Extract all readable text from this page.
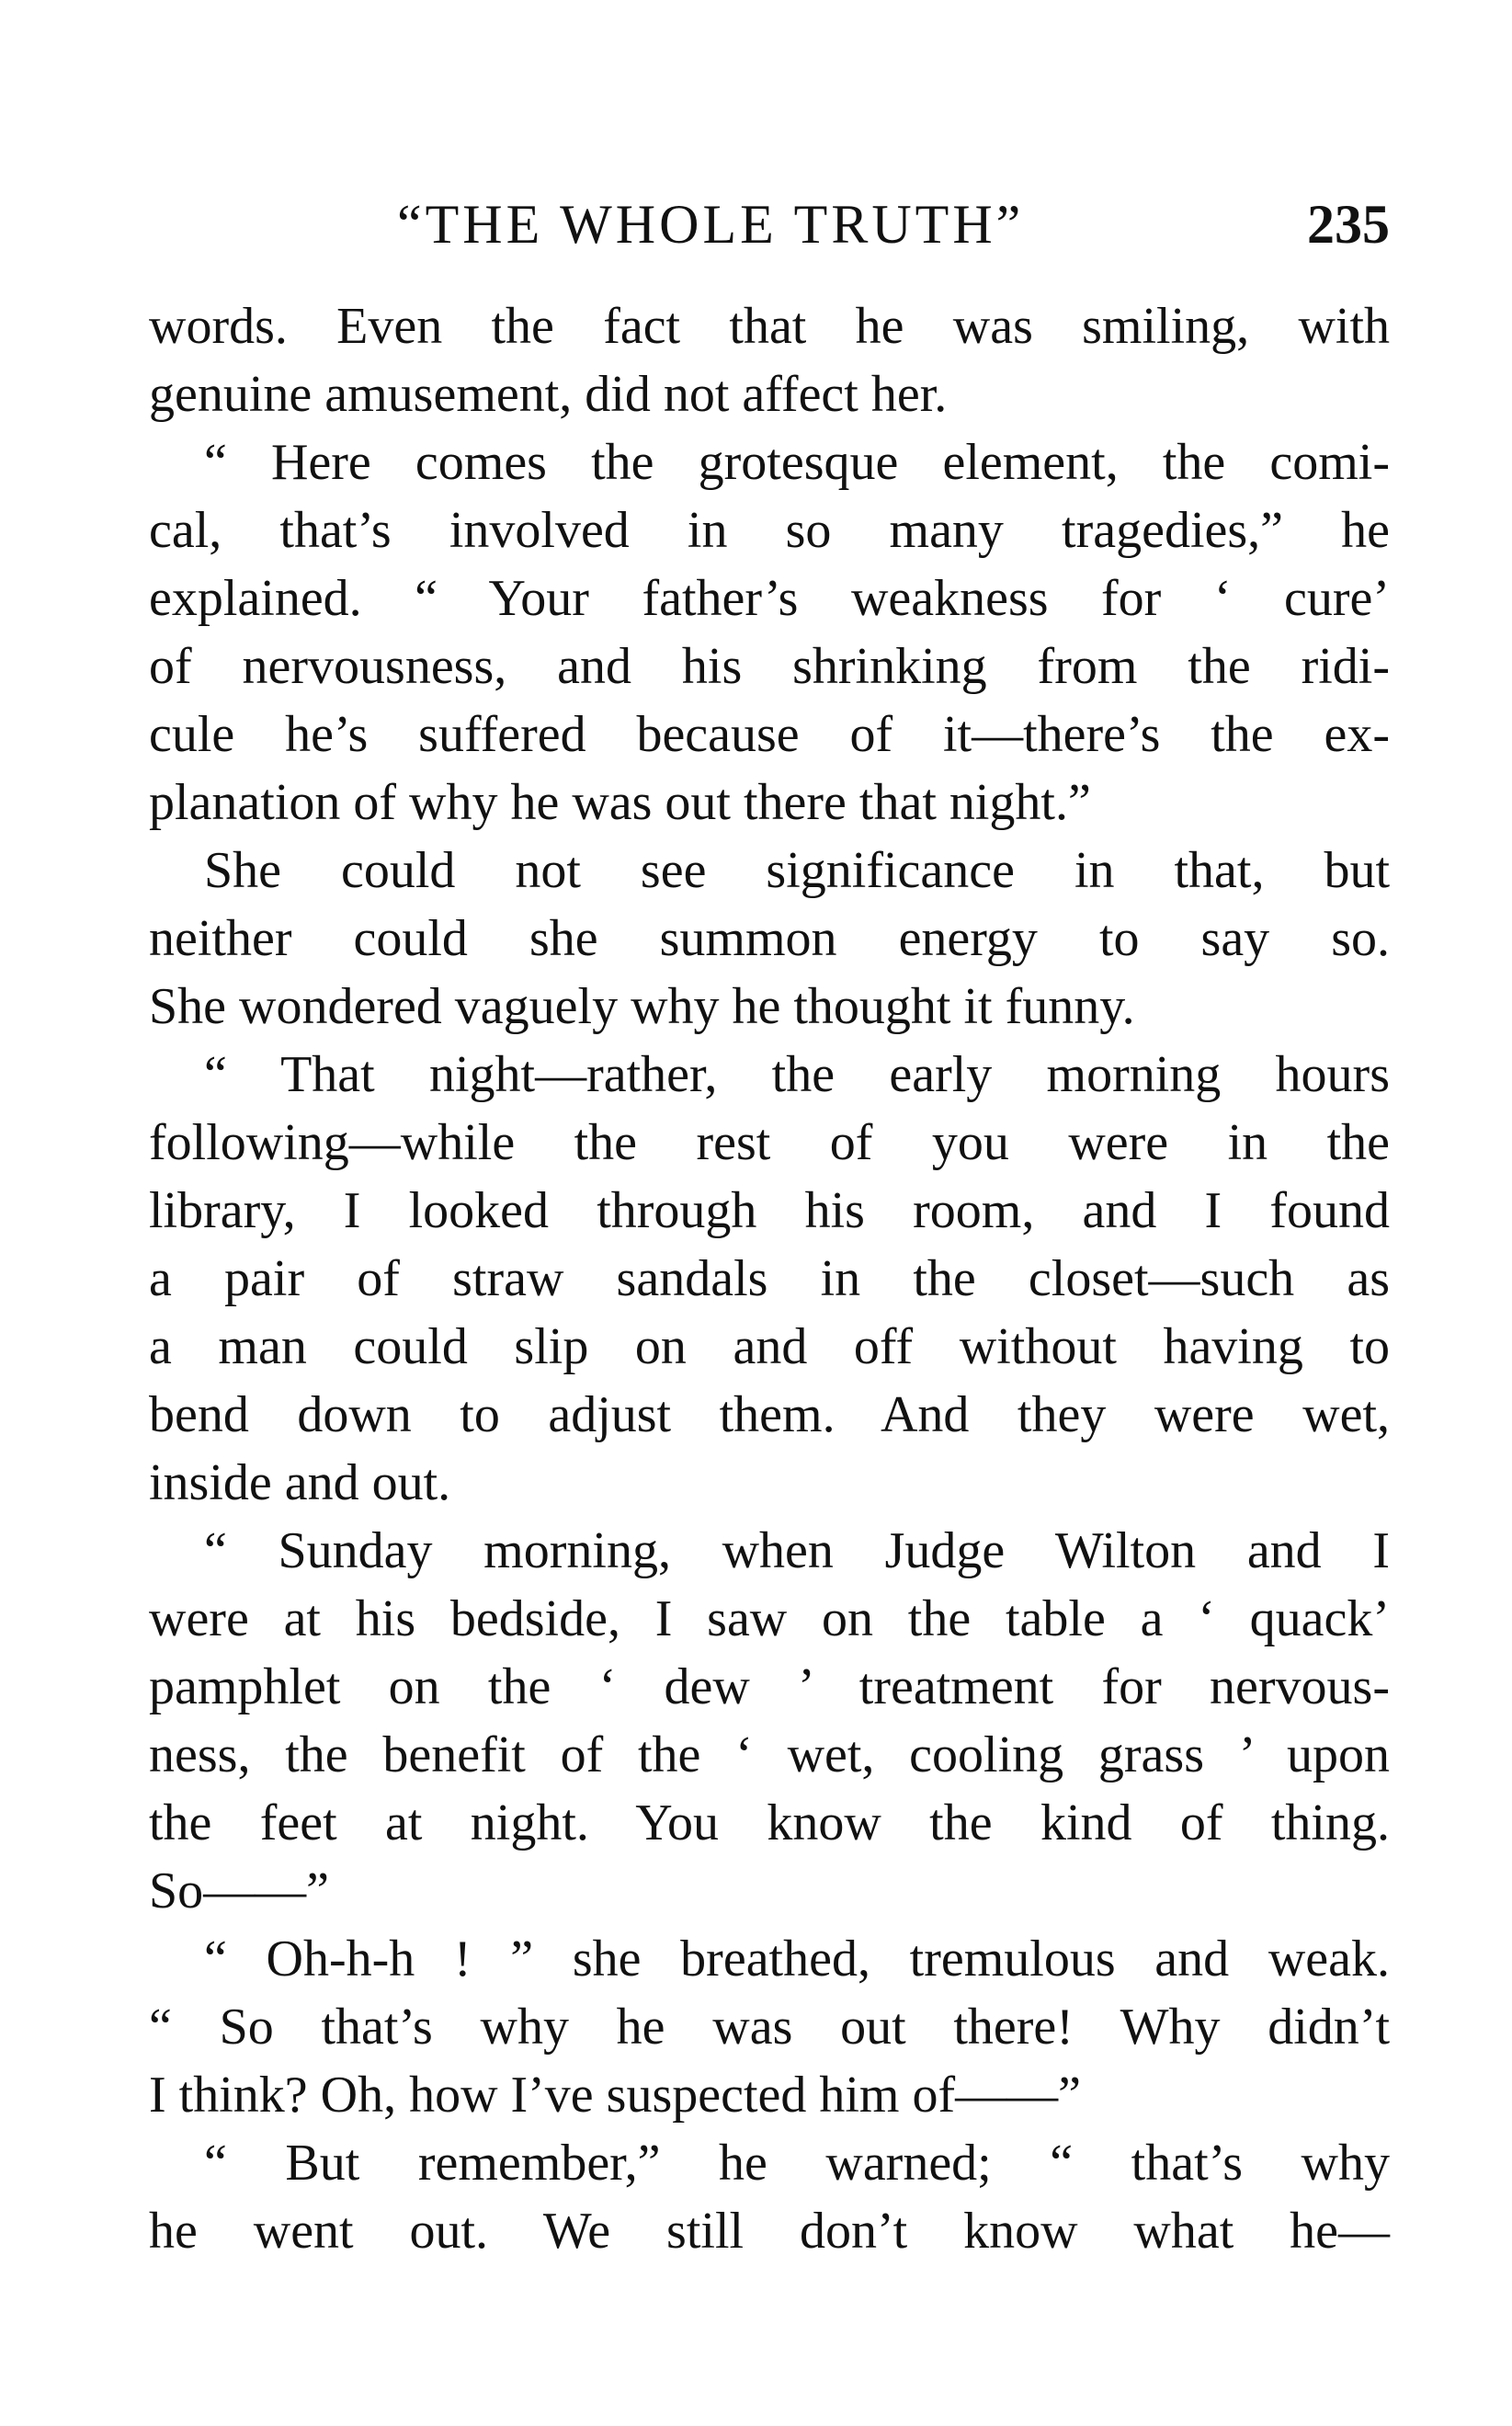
“THE WHOLE TRUTH”	235
words. Even the fact that he was smiling, with
genuine amusement, did not affect her.
“ Here comes the grotesque element, the comi-
cal, that’s involved in so many tragedies,” he
explained. “ Your father’s weakness for ‘ cure’
of nervousness, and his shrinking from the ridi-
cule he’s suffered because of it—there’s the ex-
planation of why he was out there that night.”
She could not see significance in that, but
neither could she summon energy to say so.
She wondered vaguely why he thought it funny.
“ That night—rather, the early morning hours
following—while the rest of you were in the
library, I looked through his room, and I found
a pair of straw sandals in the closet—such as
a man could slip on and off without having to
bend down to adjust them. And they were wet,
inside and out.
“ Sunday morning, when Judge Wilton and I
were at his bedside, I saw on the table a ‘ quack’
pamphlet on the ‘ dew ’ treatment for nervous-
ness, the benefit of the ‘ wet, cooling grass ’ upon
the feet at night. You know the kind of thing.
So——”
“ Oh-h-h ! ” she breathed, tremulous and weak.
“ So that’s why he was out there! Why didn’t
I think? Oh, how I’ve suspected him of——”
“ But remember,” he warned; “ that’s why
he went out. We still don’t know what he—
